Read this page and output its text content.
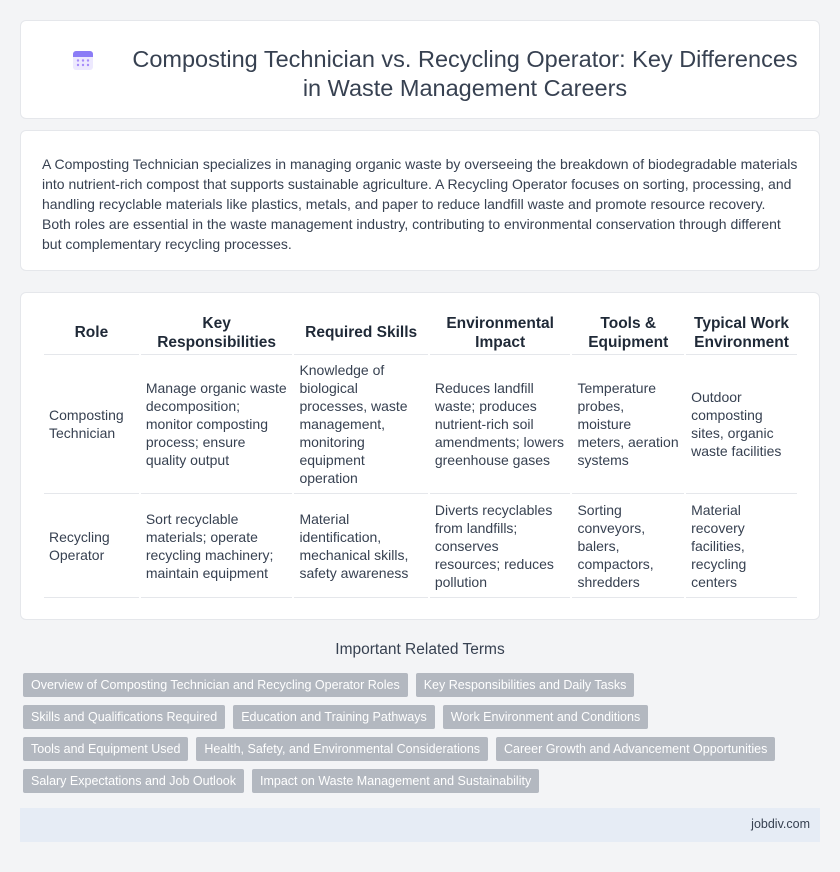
Composting Technician vs. Recycling Operator: Key Differences in Waste Management Careers

A Composting Technician specializes in managing organic waste by overseeing the breakdown of biodegradable materials into nutrient-rich compost that supports sustainable agriculture. A Recycling Operator focuses on sorting, processing, and handling recyclable materials like plastics, metals, and paper to reduce landfill waste and promote resource recovery. Both roles are essential in the waste management industry, contributing to environmental conservation through different but complementary recycling processes.

Role	Key Responsibilities	Required Skills	Environmental Impact	Tools & Equipment	Typical Work Environment
Composting Technician	Manage organic waste decomposition; monitor composting process; ensure quality output	Knowledge of biological processes, waste management, monitoring equipment operation	Reduces landfill waste; produces nutrient-rich soil amendments; lowers greenhouse gases	Temperature probes, moisture meters, aeration systems	Outdoor composting sites, organic waste facilities
Recycling Operator	Sort recyclable materials; operate recycling machinery; maintain equipment	Material identification, mechanical skills, safety awareness	Diverts recyclables from landfills; conserves resources; reduces pollution	Sorting conveyors, balers, compactors, shredders	Material recovery facilities, recycling centers
Important Related Terms
Overview of Composting Technician and Recycling Operator Roles	Key Responsibilities and Daily Tasks
Skills and Qualifications Required	Education and Training Pathways	Work Environment and Conditions
Tools and Equipment Used	Health, Safety, and Environmental Considerations	Career Growth and Advancement Opportunities
Salary Expectations and Job Outlook	Impact on Waste Management and Sustainability
jobdiv.com
